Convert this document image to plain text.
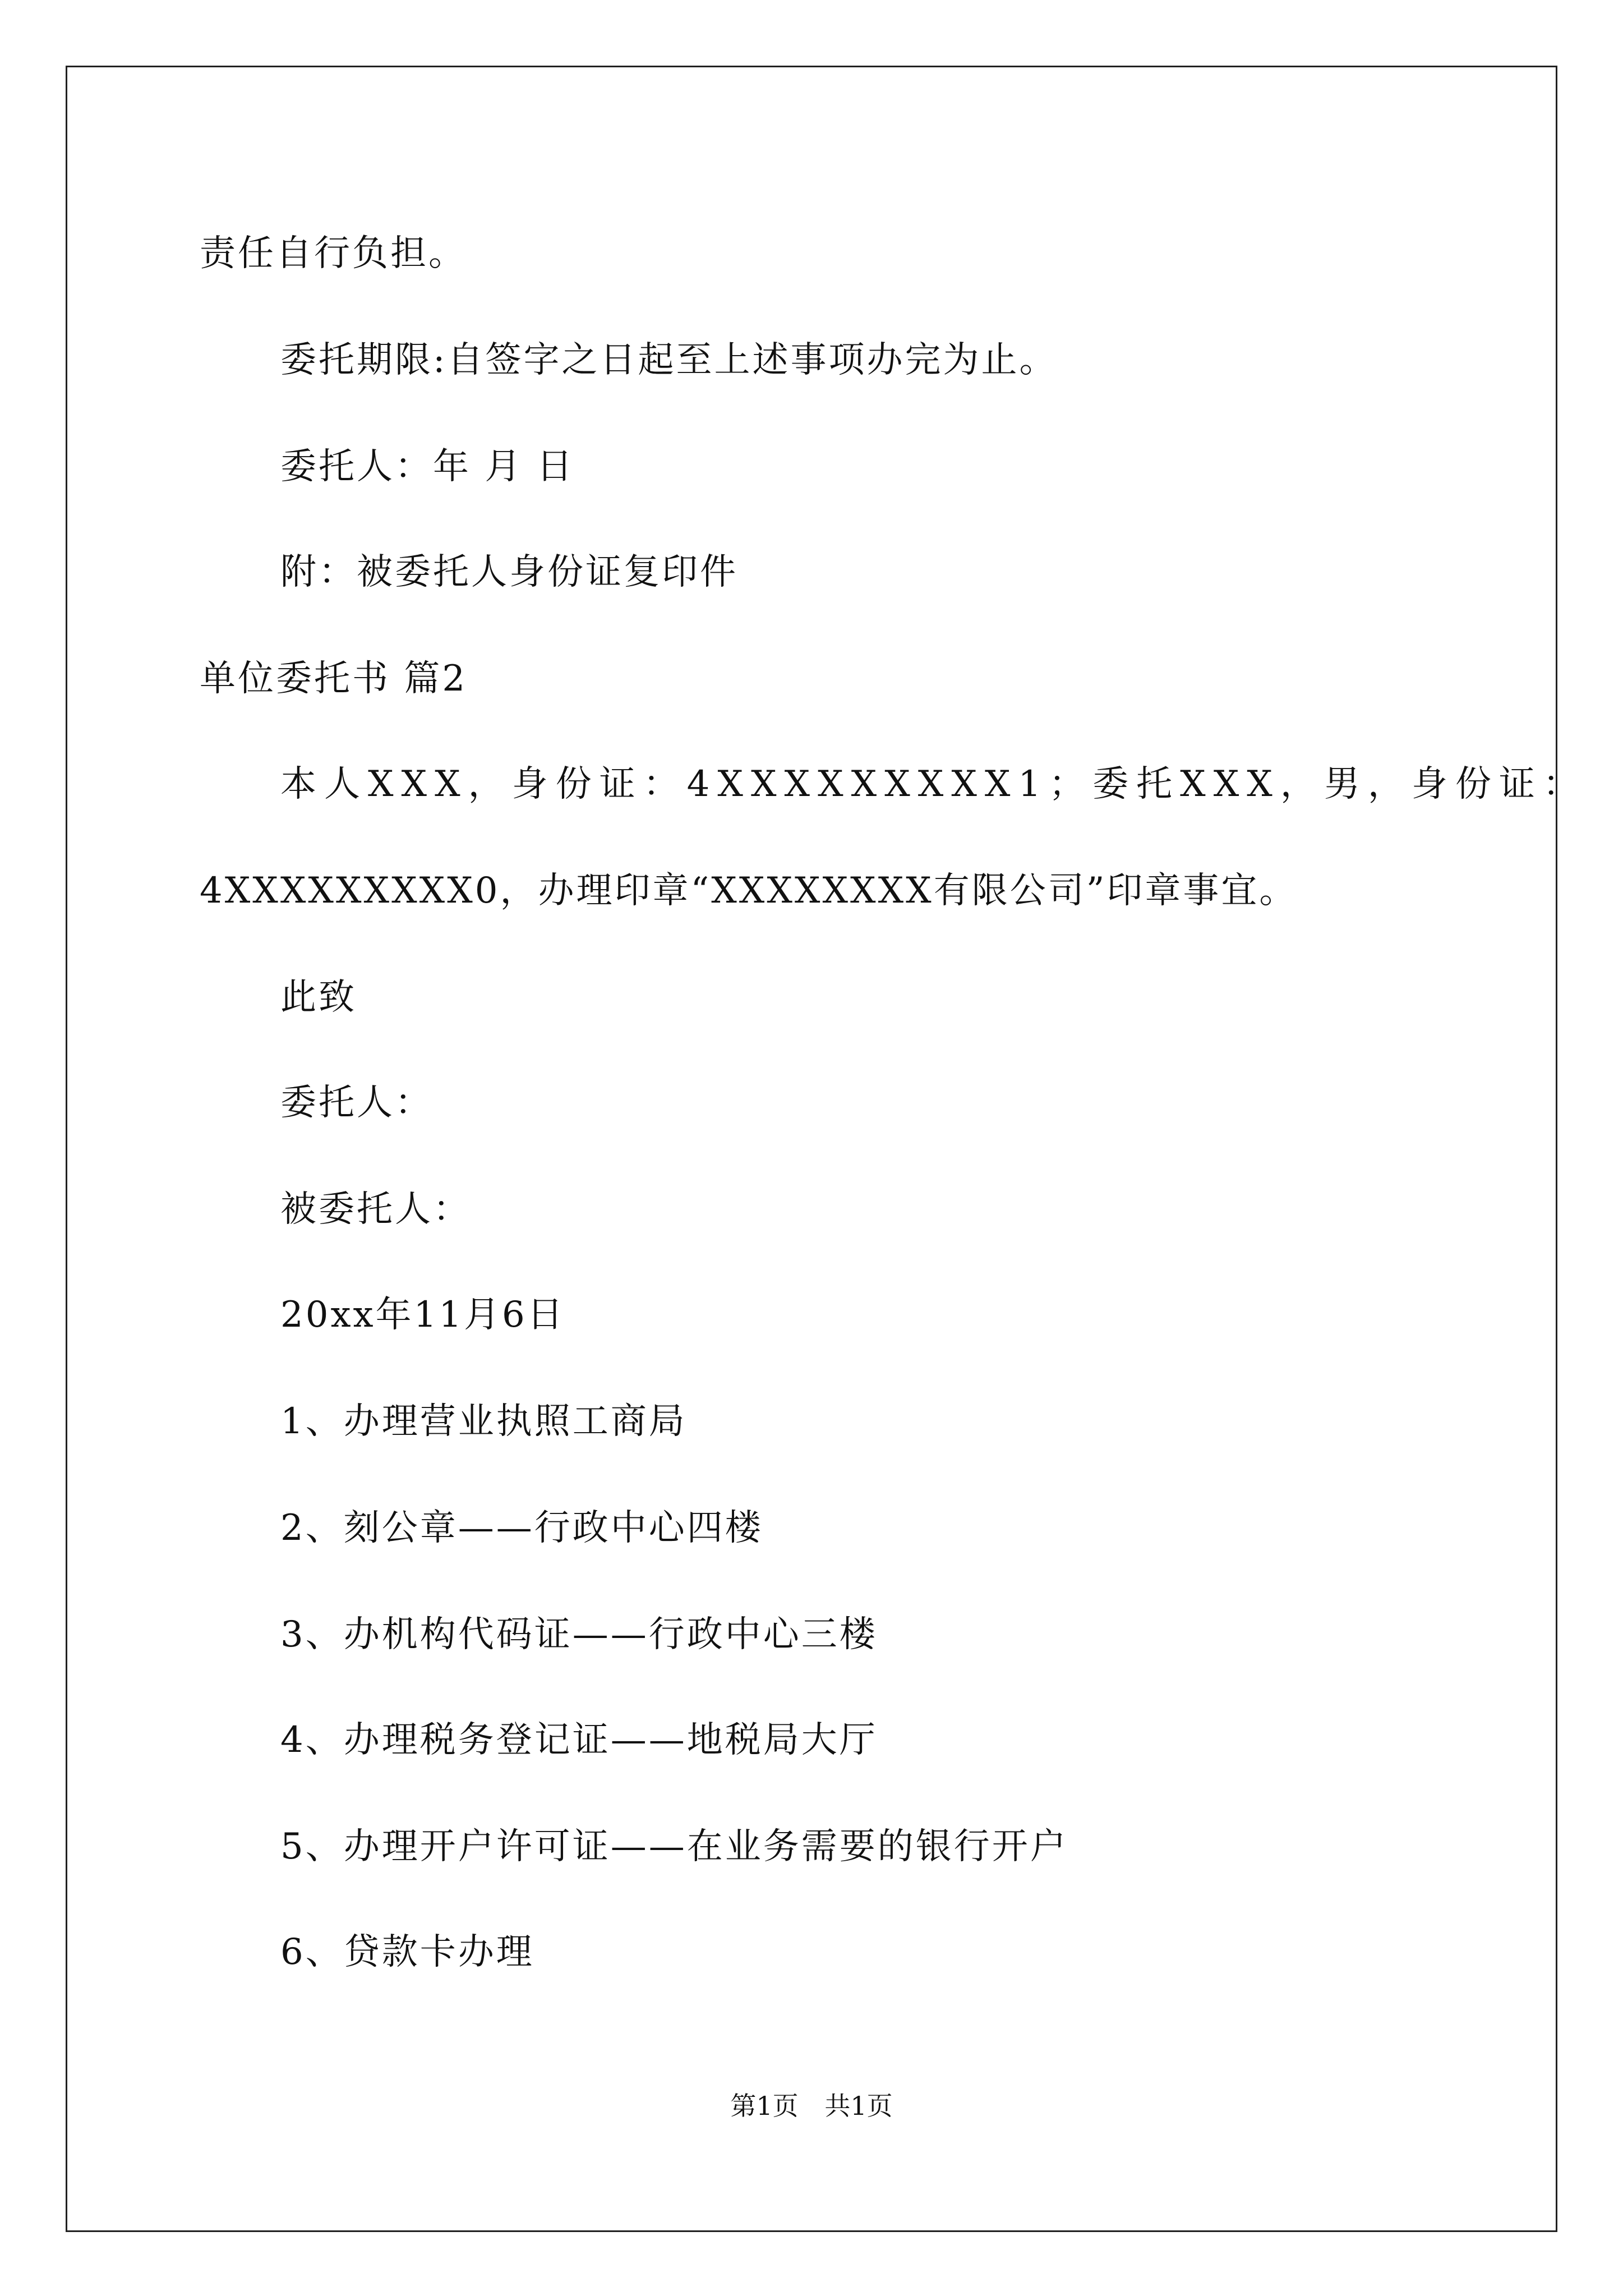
责任自行负担。
委托期限:自签字之日起至上述事项办完为止。
委托人：年 月 日
附：被委托人身份证复印件
单位委托书 篇2
本人XXX，身份证：4XXXXXXXXX1；委托XXX，男，身份证：
4XXXXXXXXX0，办理印章“XXXXXXXX有限公司”印章事宜。
此致
委托人：
被委托人：
20xx年11月6日
1、办理营业执照工商局
2、刻公章——行政中心四楼
3、办机构代码证——行政中心三楼
4、办理税务登记证——地税局大厅
5、办理开户许可证——在业务需要的银行开户
6、贷款卡办理
第1页 共1页
